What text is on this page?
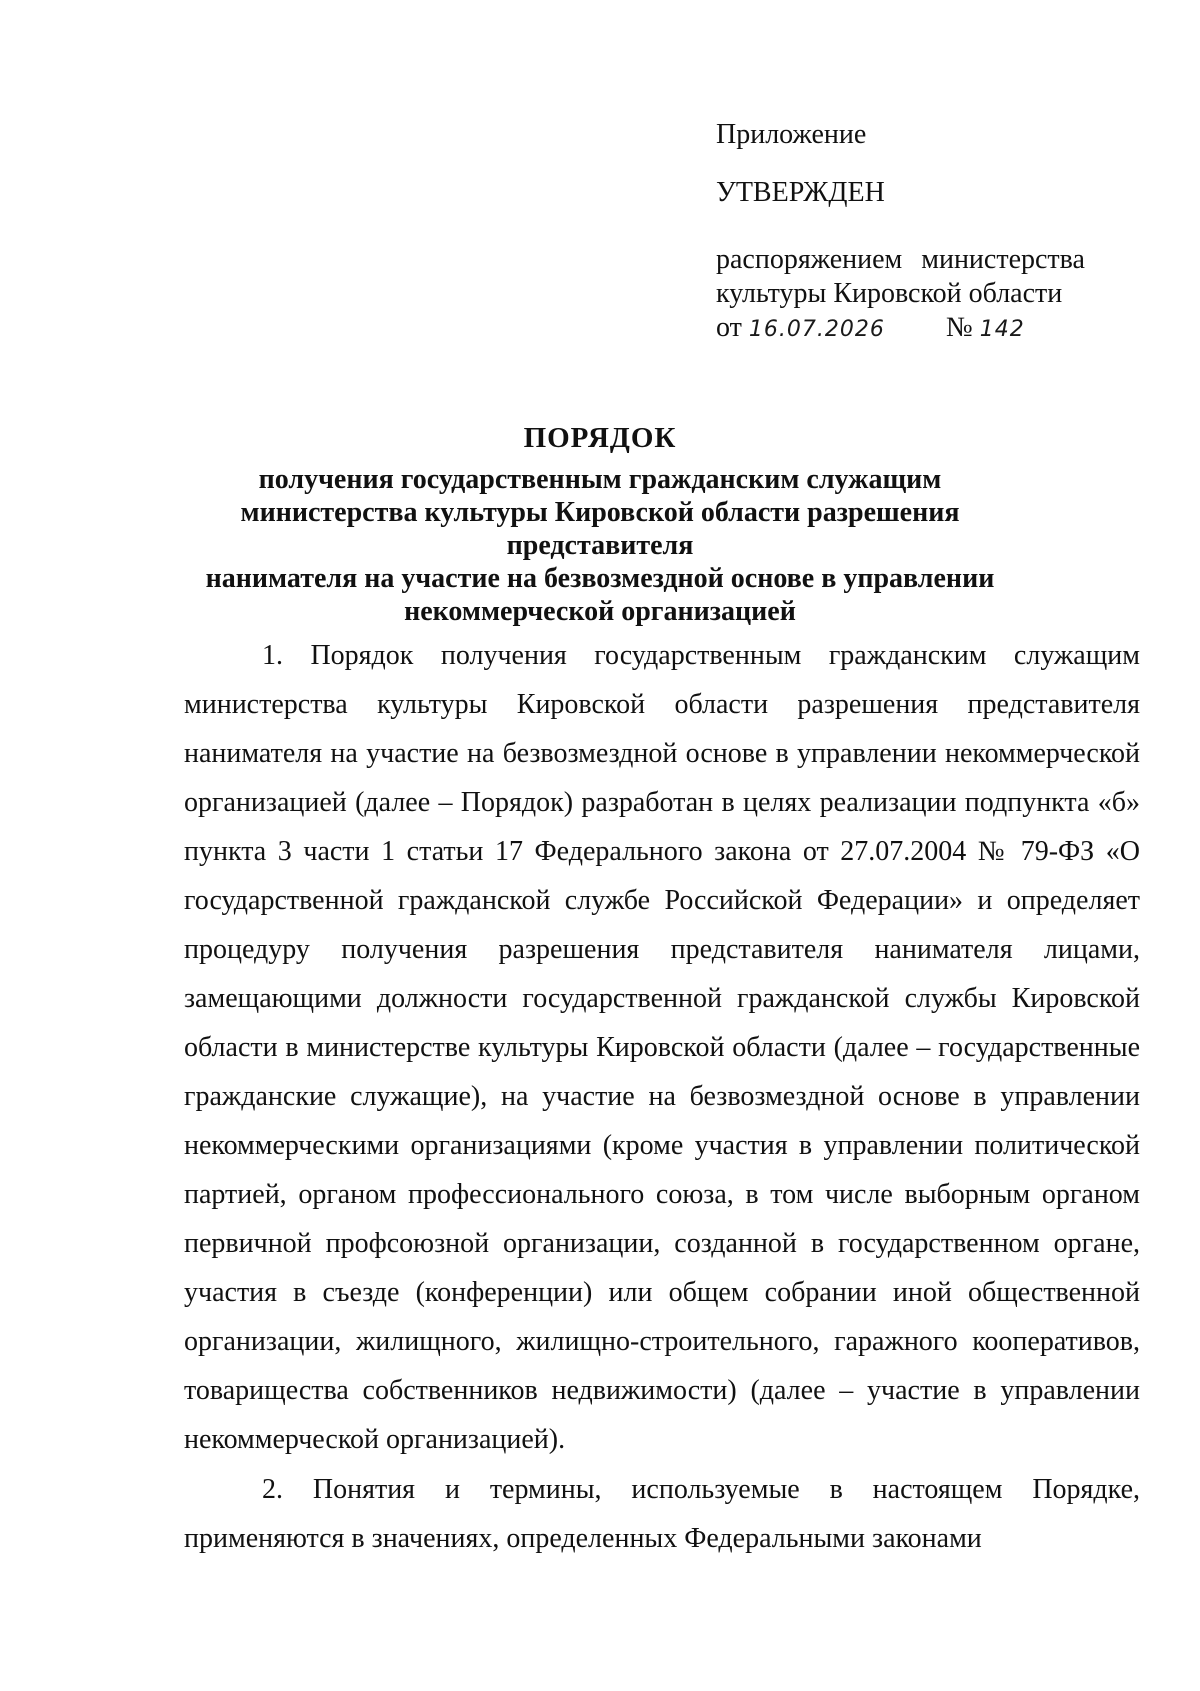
Приложение
УТВЕРЖДЕН
распоряжением министерства
культуры Кировской области
от 16.07.2026 № 142
ПОРЯДОК
получения государственным гражданским служащим
министерства культуры Кировской области разрешения представителя
нанимателя на участие на безвозмездной основе в управлении
некоммерческой организацией

1. Порядок получения государственным гражданским служащим министерства культуры Кировской области разрешения представителя нанимателя на участие на безвозмездной основе в управлении некоммерческой организацией (далее – Порядок) разработан в целях реализации подпункта «б» пункта 3 части 1 статьи 17 Федерального закона от 27.07.2004 № 79-ФЗ «О государственной гражданской службе Российской Федерации» и определяет процедуру получения разрешения представителя нанимателя лицами, замещающими должности государственной гражданской службы Кировской области в министерстве культуры Кировской области (далее – государственные гражданские служащие), на участие на безвозмездной основе в управлении некоммерческими организациями (кроме участия в управлении политической партией, органом профессионального союза, в том числе выборным органом первичной профсоюзной организации, созданной в государственном органе, участия в съезде (конференции) или общем собрании иной общественной организации, жилищного, жилищно-строительного, гаражного кооперативов, товарищества собственников недвижимости) (далее – участие в управлении некоммерческой организацией).

2. Понятия и термины, используемые в настоящем Порядке, применяются в значениях, определенных Федеральными законами
